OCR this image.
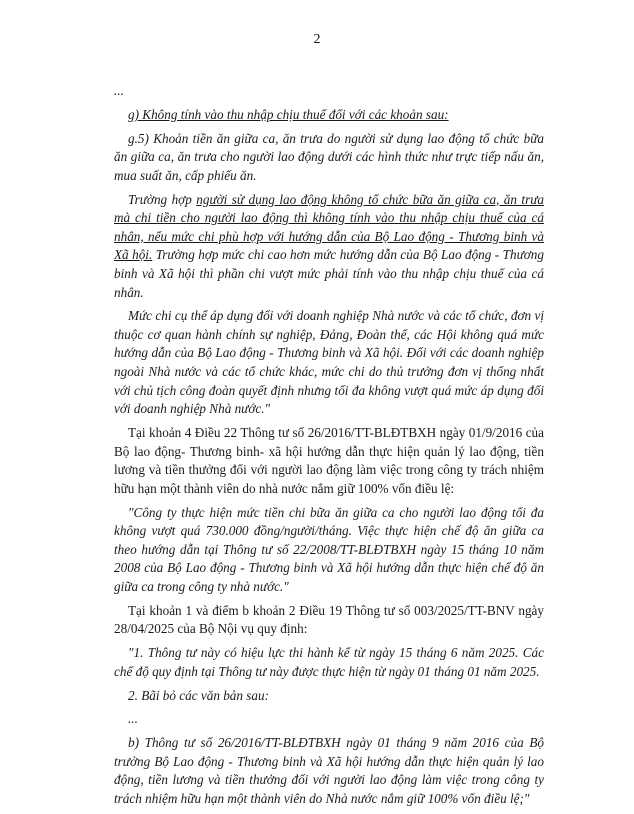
2

...

g) Không tính vào thu nhập chịu thuế đối với các khoản sau:

g.5) Khoản tiền ăn giữa ca, ăn trưa do người sử dụng lao động tổ chức bữa ăn giữa ca, ăn trưa cho người lao động dưới các hình thức như trực tiếp nấu ăn, mua suất ăn, cấp phiếu ăn.

Trường hợp người sử dụng lao động không tổ chức bữa ăn giữa ca, ăn trưa mà chi tiền cho người lao động thì không tính vào thu nhập chịu thuế của cá nhân, nếu mức chi phù hợp với hướng dẫn của Bộ Lao động - Thương binh và Xã hội. Trường hợp mức chi cao hơn mức hướng dẫn của Bộ Lao động - Thương binh và Xã hội thì phần chi vượt mức phải tính vào thu nhập chịu thuế của cá nhân.

Mức chi cụ thể áp dụng đối với doanh nghiệp Nhà nước và các tổ chức, đơn vị thuộc cơ quan hành chính sự nghiệp, Đảng, Đoàn thể, các Hội không quá mức hướng dẫn của Bộ Lao động - Thương binh và Xã hội. Đối với các doanh nghiệp ngoài Nhà nước và các tổ chức khác, mức chi do thủ trưởng đơn vị thống nhất với chủ tịch công đoàn quyết định nhưng tối đa không vượt quá mức áp dụng đối với doanh nghiệp Nhà nước."

Tại khoản 4 Điều 22 Thông tư số 26/2016/TT-BLĐTBXH ngày 01/9/2016 của Bộ lao động- Thương binh- xã hội hướng dẫn thực hiện quản lý lao động, tiền lương và tiền thưởng đối với người lao động làm việc trong công ty trách nhiệm hữu hạn một thành viên do nhà nước nắm giữ 100% vốn điều lệ:

"Công ty thực hiện mức tiền chi bữa ăn giữa ca cho người lao động tối đa không vượt quá 730.000 đồng/người/tháng. Việc thực hiện chế độ ăn giữa ca theo hướng dẫn tại Thông tư số 22/2008/TT-BLĐTBXH ngày 15 tháng 10 năm 2008 của Bộ Lao động - Thương binh và Xã hội hướng dẫn thực hiện chế độ ăn giữa ca trong công ty nhà nước."

Tại khoản 1 và điểm b khoản 2 Điều 19 Thông tư số 003/2025/TT-BNV ngày 28/04/2025 của Bộ Nội vụ quy định:

"1. Thông tư này có hiệu lực thi hành kể từ ngày 15 tháng 6 năm 2025. Các chế độ quy định tại Thông tư này được thực hiện từ ngày 01 tháng 01 năm 2025.

2. Bãi bỏ các văn bản sau:

...

b) Thông tư số 26/2016/TT-BLĐTBXH ngày 01 tháng 9 năm 2016 của Bộ trưởng Bộ Lao động - Thương binh và Xã hội hướng dẫn thực hiện quản lý lao động, tiền lương và tiền thưởng đối với người lao động làm việc trong công ty trách nhiệm hữu hạn một thành viên do Nhà nước nắm giữ 100% vốn điều lệ;"
